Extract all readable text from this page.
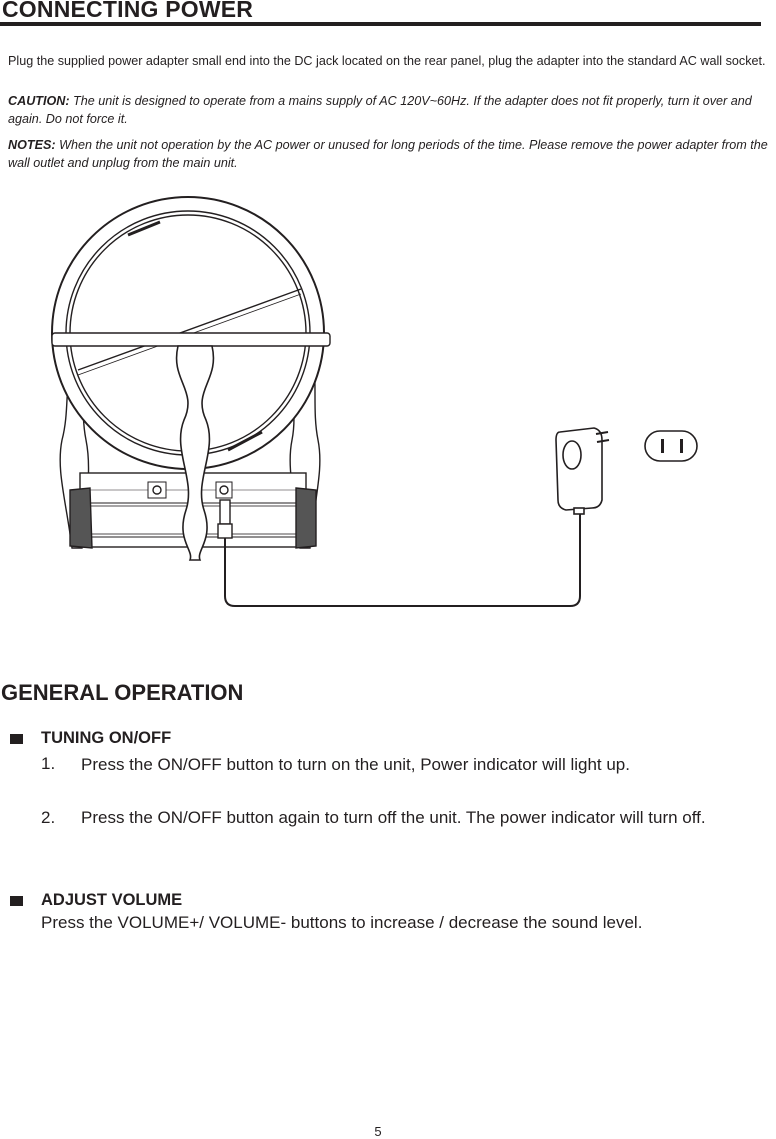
CONNECTING POWER

Plug the supplied power adapter small end into the DC jack located on the rear panel, plug the adapter into the standard AC wall socket.

CAUTION: The unit is designed to operate from a mains supply of AC 120V~60Hz. If the adapter does not fit properly, turn it over and again. Do not force it.

NOTES: When the unit not operation by the AC power or unused for long periods of the time. Please remove the power adapter from the wall outlet and unplug from the main unit.

GENERAL OPERATION
TUNING ON/OFF
1. Press the ON/OFF button to turn on the unit, Power indicator will light up.
2. Press the ON/OFF button again to turn off the unit. The power indicator will turn off.
ADJUST VOLUME
Press the VOLUME+/ VOLUME- buttons to increase / decrease the sound level.
5
